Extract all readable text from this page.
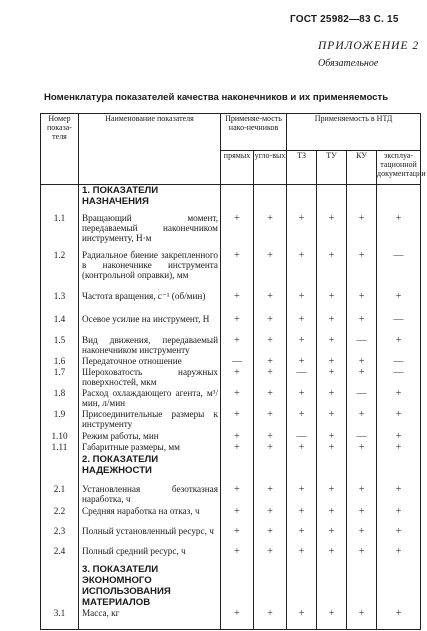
ГОСТ 25982—83 С. 15
ПРИЛОЖЕНИЕ 2
Обязательное
Номенклатура показателей качества наконечников и их применяемость
Номер показа-теля	Наименование показателя	Применяе-мость нако-нечников		Применяемость в НТД			
		прямых	угло-вых	ТЗ	ТУ	КУ	эксплуа-тационной документации
	1. ПОКАЗАТЕЛИ НАЗНАЧЕНИЯ						
1.1	Вращающий момент, передаваемый наконечником инструменту, Н·м	+	+	+	+	+	+
1.2	Радиальное биение закрепленного в наконечнике инструмента (контрольной оправки), мм	+	+	+	+	+	—
1.3	Частота вращения, с⁻¹ (об/мин)	+	+	+	+	+	+
1.4	Осевое усилие на инструмент, Н	+	+	+	+	+	—
1.5	Вид движения, передаваемый наконечником инструменту	+	+	+	+	—	+
1.6	Передаточное отношение	—	+	+	+	+	—
1.7	Шероховатость наружных поверхностей, мкм	+	+	—	+	+	—
1.8	Расход охлаждающего агента, м³/мин, л/мин	+	+	+	+	—	+
1.9	Присоединительные размеры к инструменту	+	+	+	+	+	+
1.10	Режим работы, мин	+	+	—	+	—	+
1.11	Габаритные размеры, мм	+	+	+	+	+	+
	2. ПОКАЗАТЕЛИ НАДЕЖНОСТИ						
2.1	Установленная безотказная наработка, ч	+	+	+	+	+	+
2.2	Средняя наработка на отказ, ч	+	+	+	+	+	+
2.3	Полный установленный ресурс, ч	+	+	+	+	+	+
2.4	Полный средний ресурс, ч	+	+	+	+	+	+
	3. ПОКАЗАТЕЛИ ЭКОНОМНОГО ИСПОЛЬЗОВАНИЯ МАТЕРИАЛОВ						
3.1	Масса, кг	+	+	+	+	+	+
